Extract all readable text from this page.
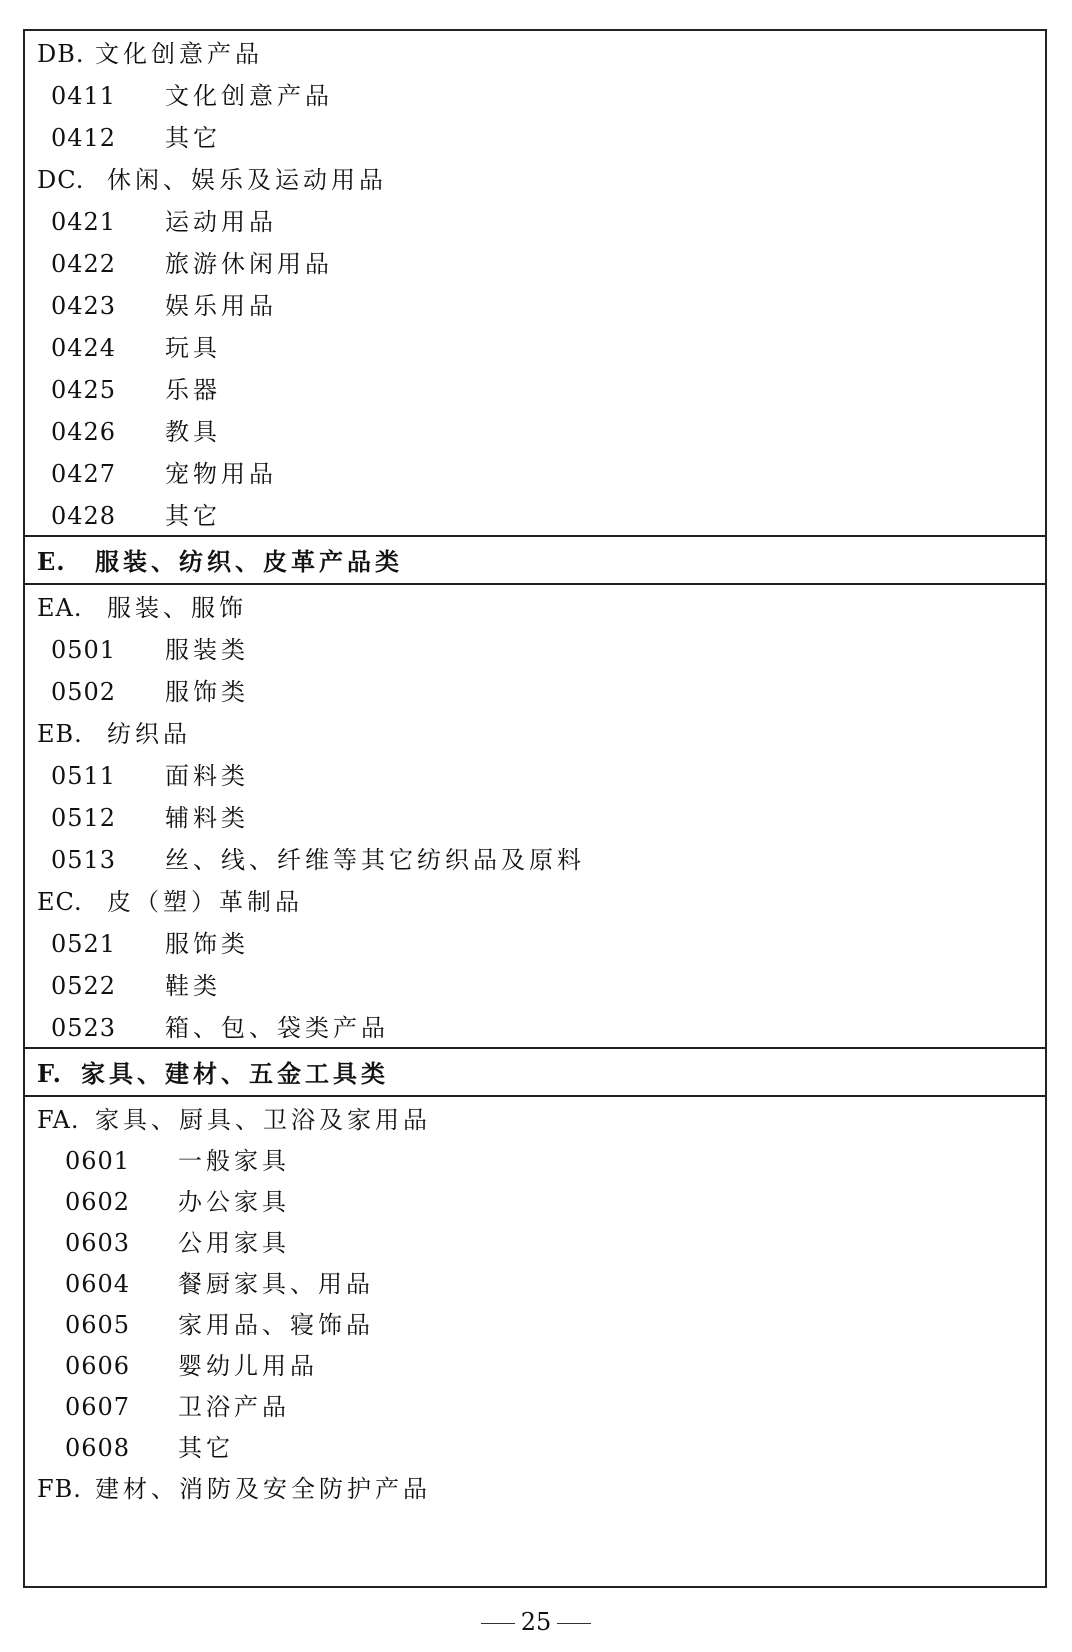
DB. 文化创意产品
0411 文化创意产品
0412 其它
DC. 休闲、娱乐及运动用品
0421 运动用品
0422 旅游休闲用品
0423 娱乐用品
0424 玩具
0425 乐器
0426 教具
0427 宠物用品
0428 其它
E. 服装、纺织、皮革产品类
EA. 服装、服饰
0501 服装类
0502 服饰类
EB. 纺织品
0511 面料类
0512 辅料类
0513 丝、线、纤维等其它纺织品及原料
EC. 皮（塑）革制品
0521 服饰类
0522 鞋类
0523 箱、包、袋类产品
F. 家具、建材、五金工具类
FA. 家具、厨具、卫浴及家用品
0601 一般家具
0602 办公家具
0603 公用家具
0604 餐厨家具、用品
0605 家用品、寝饰品
0606 婴幼儿用品
0607 卫浴产品
0608 其它
FB. 建材、消防及安全防护产品
25
